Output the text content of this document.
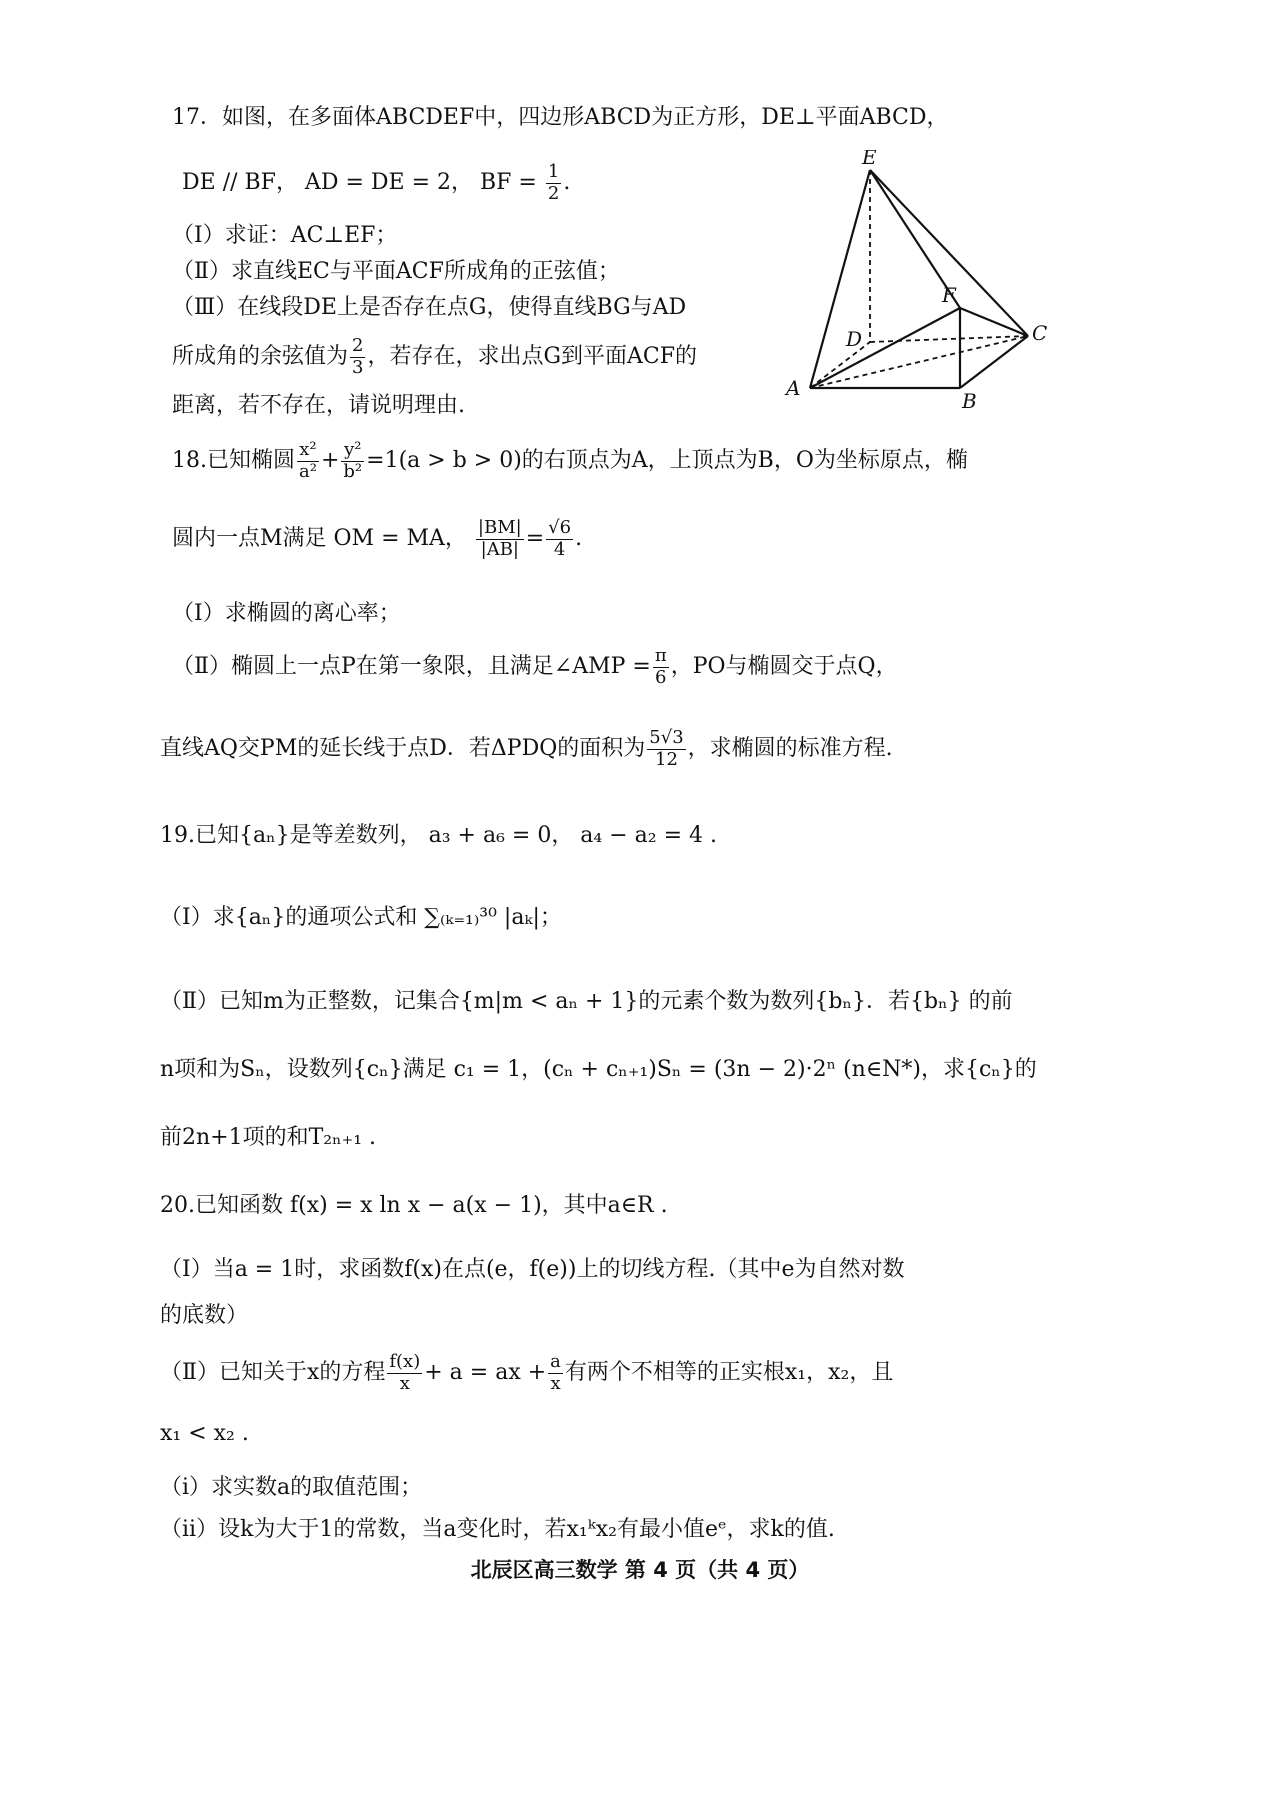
17．如图，在多面体ABCDEF中，四边形ABCD为正方形，DE⊥平面ABCD，
DE // BF， AD = DE = 2， BF = $\frac{1}{2}$ .
（Ⅰ）求证：AC⊥EF；
（Ⅱ）求直线EC与平面ACF所成角的正弦值；
（Ⅲ）在线段DE上是否存在点G，使得直线BG与AD
所成角的余弦值为 $\frac{2}{3}$ ，若存在，求出点G到平面ACF的
距离，若不存在，请说明理由.
E
F
D	C
A
B
18.已知椭圆 $\frac{\text{x²}}{\text{a²}} + \frac{\text{y²}}{\text{b²}} =1(a > b > 0)$的右顶点为A，上顶点为B，O为坐标原点，椭
圆内一点M满足 OM = MA， $\frac{|BM|}{|AB|} = \frac{√6}{4}$ .
（Ⅰ）求椭圆的离心率；
（Ⅱ）椭圆上一点P在第一象限，且满足∠AMP = $\frac{\pi}{6}$ ，PO与椭圆交于点Q，
直线AQ交PM的延长线于点D．若ΔPDQ的面积为 $\frac{5√3}{12}$ ，求椭圆的标准方程.
19.已知{aₙ}是等差数列， a₃ + a₆ = 0， a₄ − a₂ = 4 .
（Ⅰ）求{aₙ}的通项公式和 ∑₍ₖ₌₁₎³⁰ |aₖ|；
（Ⅱ）已知m为正整数，记集合{m|m < aₙ + 1}的元素个数为数列{bₙ}．若{bₙ} 的前
n项和为Sₙ，设数列{cₙ}满足 c₁ = 1，(cₙ + cₙ₊₁)Sₙ = (3n − 2)·2ⁿ (n∈N*)，求{cₙ}的
前2n+1项的和T₂ₙ₊₁ .
20.已知函数 f(x) = x ln x − a(x − 1)，其中a∈R .
（Ⅰ）当a = 1时，求函数f(x)在点(e，f(e))上的切线方程.（其中e为自然对数
的底数）
（Ⅱ）已知关于x的方程 $\frac{f(x)}{x} + a$ = ax + $\frac{a}{x}$ 有两个不相等的正实根x₁，x₂，且
x₁ < x₂ .
（ⅰ）求实数a的取值范围；
（ⅱ）设k为大于1的常数，当a变化时，若x₁ᵏx₂有最小值eᵉ，求k的值.
北辰区高三数学 第 4 页（共 4 页）
